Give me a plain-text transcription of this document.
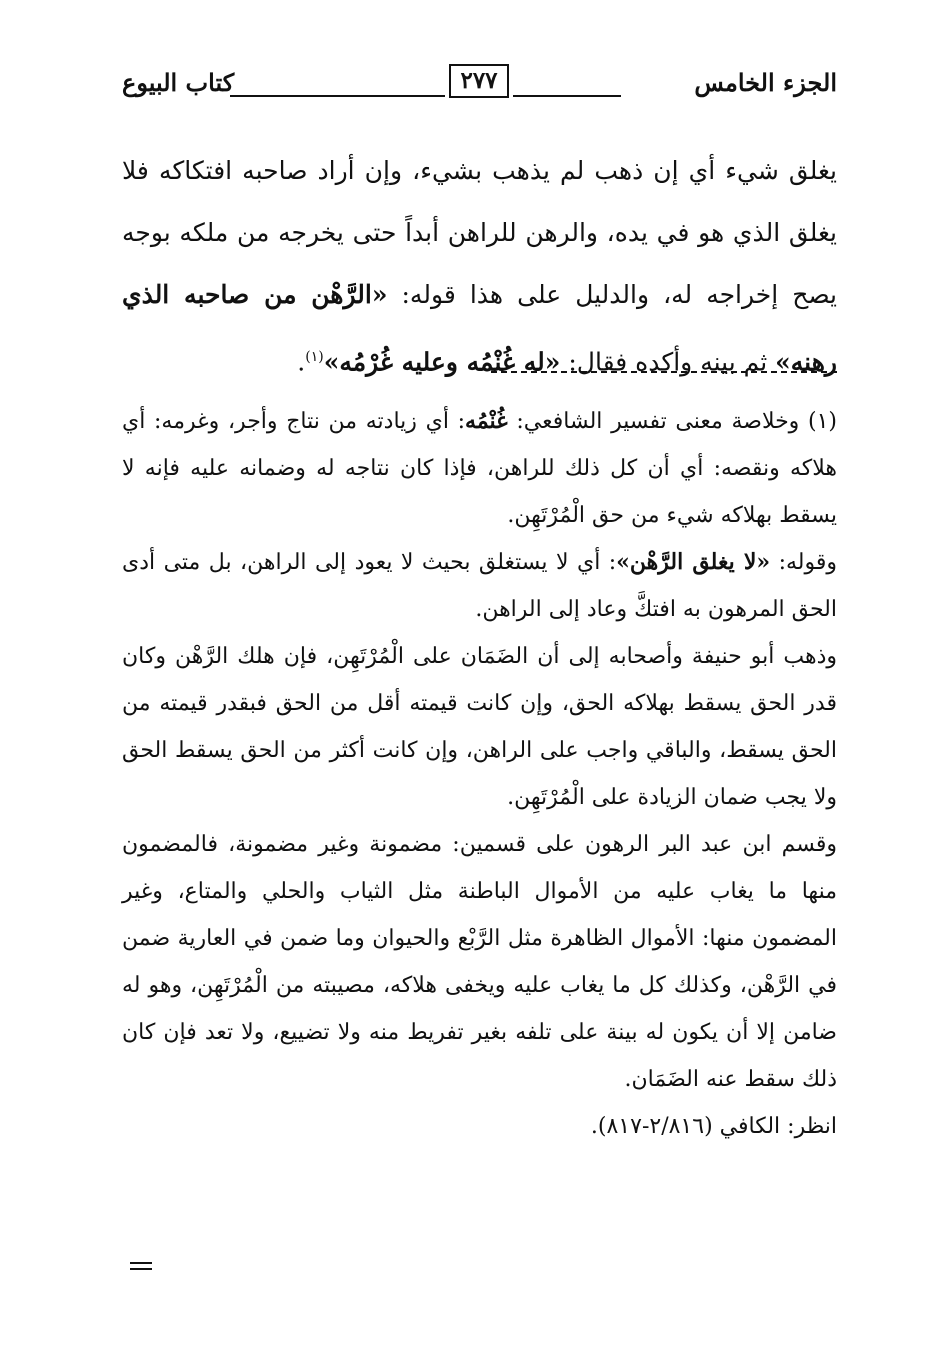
الجزء الخامس
٢٧٧
كتاب البيوع

يغلق شيء أي إن ذهب لم يذهب بشيء، وإن أراد صاحبه افتكاكه فلا يغلق الذي هو في يده، والرهن للراهن أبداً حتى يخرجه من ملكه بوجه يصح إخراجه له، والدليل على هذا قوله: «الرَّهْن من صاحبه الذي رهنه» ثم بينه وأكده فقال: «له غُنْمُه وعليه غُرْمُه»$^{(١)}$.

(١) وخلاصة معنى تفسير الشافعي: غُنْمُه: أي زيادته من نتاج وأجر، وغرمه: أي هلاكه ونقصه: أي أن كل ذلك للراهن، فإذا كان نتاجه له وضمانه عليه فإنه لا يسقط بهلاكه شيء من حق الْمُرْتَهِن.

وقوله: «لا يغلق الرَّهْن»: أي لا يستغلق بحيث لا يعود إلى الراهن، بل متى أدى الحق المرهون به افتكَّ وعاد إلى الراهن.

وذهب أبو حنيفة وأصحابه إلى أن الضَمَان على الْمُرْتَهِن، فإن هلك الرَّهْن وكان قدر الحق يسقط بهلاكه الحق، وإن كانت قيمته أقل من الحق فبقدر قيمته من الحق يسقط، والباقي واجب على الراهن، وإن كانت أكثر من الحق يسقط الحق ولا يجب ضمان الزيادة على الْمُرْتَهِن.

وقسم ابن عبد البر الرهون على قسمين: مضمونة وغير مضمونة، فالمضمون منها ما يغاب عليه من الأموال الباطنة مثل الثياب والحلي والمتاع، وغير المضمون منها: الأموال الظاهرة مثل الرَّبْع والحيوان وما ضمن في العارية ضمن في الرَّهْن، وكذلك كل ما يغاب عليه ويخفى هلاكه، مصيبته من الْمُرْتَهِن، وهو له ضامن إلا أن يكون له بينة على تلفه بغير تفريط منه ولا تضييع، ولا تعد فإن كان ذلك سقط عنه الضَمَان.

انظر: الكافي (٢/٨١٦-٨١٧).
